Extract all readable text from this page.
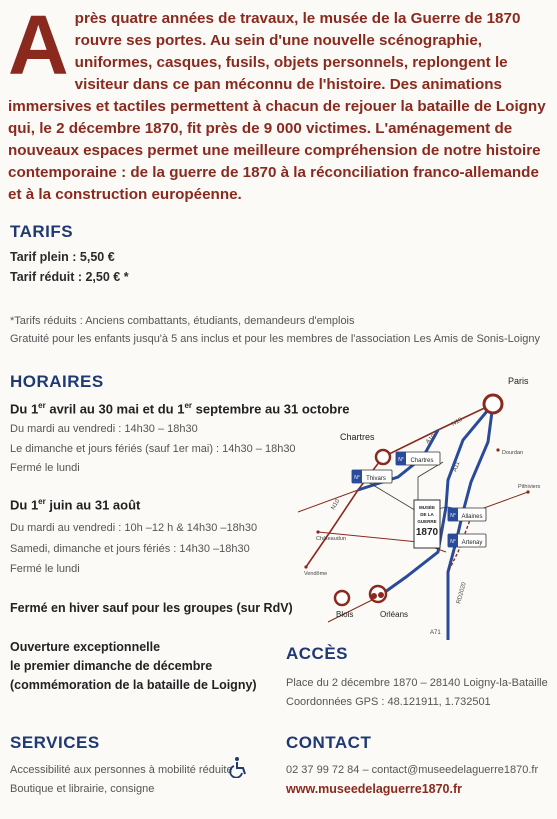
A près quatre années de travaux, le musée de la Guerre de 1870 rouvre ses portes. Au sein d'une nouvelle scénographie, uniformes, casques, fusils, objets personnels, replongent le visiteur dans ce pan méconnu de l'histoire. Des animations immersives et tactiles permettent à chacun de rejouer la bataille de Loigny qui, le 2 décembre 1870, fit près de 9 000 victimes. L'aménagement de nouveaux espaces permet une meilleure compréhension de notre histoire contemporaine : de la guerre de 1870 à la réconciliation franco-allemande et à la construction européenne.
TARIFS
Tarif plein : 5,50 €
Tarif réduit : 2,50 € *
*Tarifs réduits : Anciens combattants, étudiants, demandeurs d'emplois
Gratuité pour les enfants jusqu'à 5 ans inclus et pour les membres de l'association Les Amis de Sonis-Loigny
HORAIRES
Du 1er avril au 30 mai et du 1er septembre au 31 octobre
Du mardi au vendredi : 14h30 – 18h30
Le dimanche et jours fériés (sauf 1er mai) : 14h30 – 18h30
Fermé le lundi
Du 1er juin au 31 août
Du mardi au vendredi : 10h –12 h & 14h30 –18h30
Samedi, dimanche et jours fériés : 14h30 –18h30
Fermé le lundi
Fermé en hiver sauf pour les groupes (sur RdV)
Ouverture exceptionnelle
le premier dimanche de décembre
(commémoration de la bataille de Loigny)
MUSÉE
DE LA
GUERRE
1870
N° Chartres
N° Thivars
N° Allaines
N° Artenay
Paris
Chartres
Orléans
Blois
Dourdan
Pithiviers
Châteaudun
Vendôme
N10
N10
A10
A11
A71
RD2020
ACCÈS
Place du 2 décembre 1870 – 28140 Loigny-la-Bataille
Coordonnées GPS : 48.121911, 1.732501
SERVICES
Accessibilité aux personnes à mobilité réduite
Boutique et librairie, consigne
CONTACT
02 37 99 72 84 – contact@museedelaguerre1870.fr
www.museedelaguerre1870.fr
